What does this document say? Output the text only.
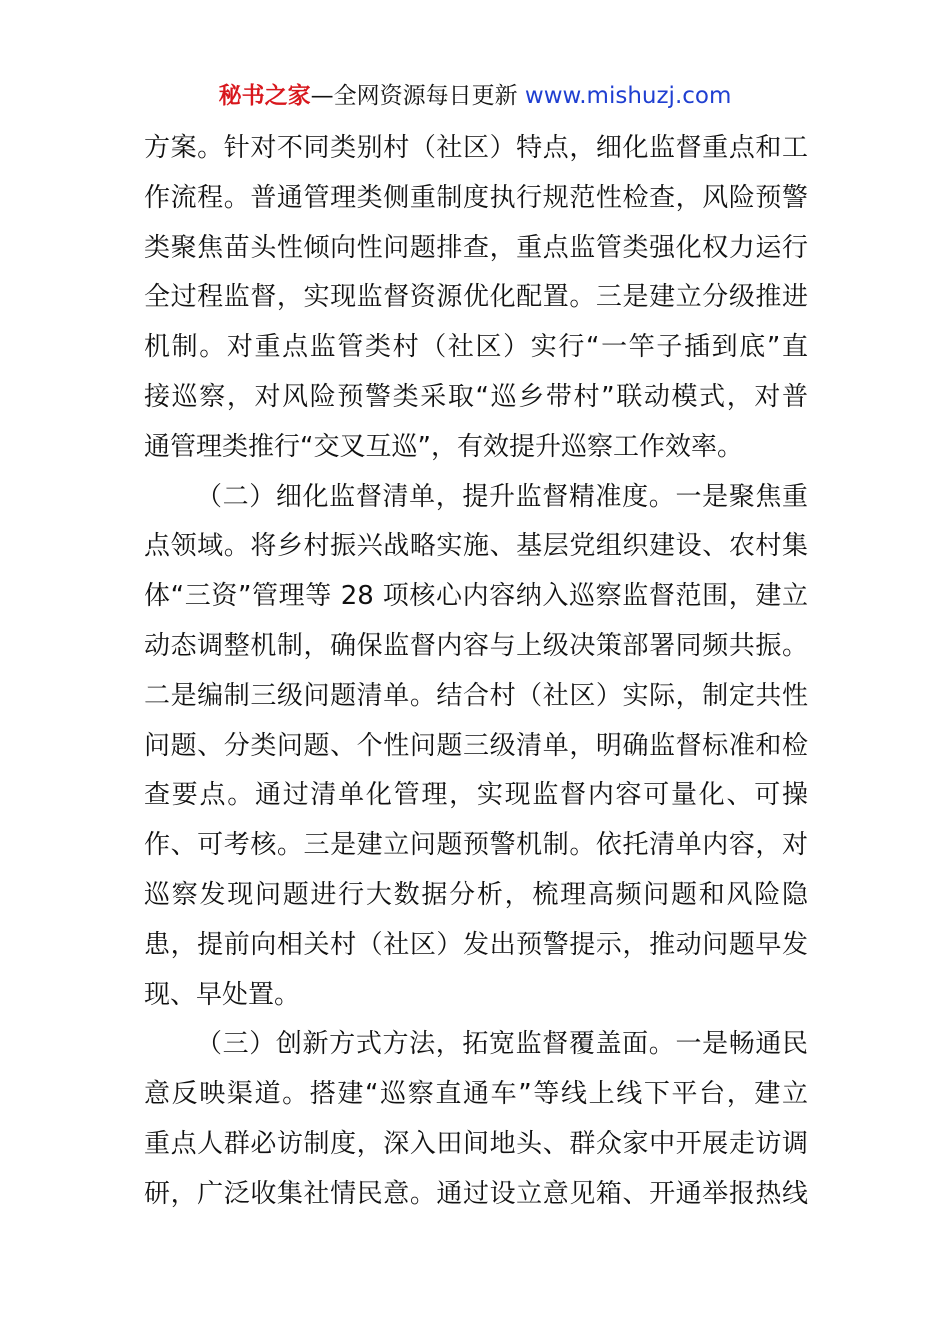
秘书之家—全网资源每日更新 www.mishuzj.com
方案。针对不同类别村（社区）特点，细化监督重点和工
作流程。普通管理类侧重制度执行规范性检查，风险预警
类聚焦苗头性倾向性问题排查，重点监管类强化权力运行
全过程监督，实现监督资源优化配置。三是建立分级推进
机制。对重点监管类村（社区）实行“一竿子插到底”直
接巡察，对风险预警类采取“巡乡带村”联动模式，对普
通管理类推行“交叉互巡”，有效提升巡察工作效率。
（二）细化监督清单，提升监督精准度。一是聚焦重
点领域。将乡村振兴战略实施、基层党组织建设、农村集
体“三资”管理等 28 项核心内容纳入巡察监督范围，建立
动态调整机制，确保监督内容与上级决策部署同频共振。
二是编制三级问题清单。结合村（社区）实际，制定共性
问题、分类问题、个性问题三级清单，明确监督标准和检
查要点。通过清单化管理，实现监督内容可量化、可操
作、可考核。三是建立问题预警机制。依托清单内容，对
巡察发现问题进行大数据分析，梳理高频问题和风险隐
患，提前向相关村（社区）发出预警提示，推动问题早发
现、早处置。
（三）创新方式方法，拓宽监督覆盖面。一是畅通民
意反映渠道。搭建“巡察直通车”等线上线下平台，建立
重点人群必访制度，深入田间地头、群众家中开展走访调
研，广泛收集社情民意。通过设立意见箱、开通举报热线
